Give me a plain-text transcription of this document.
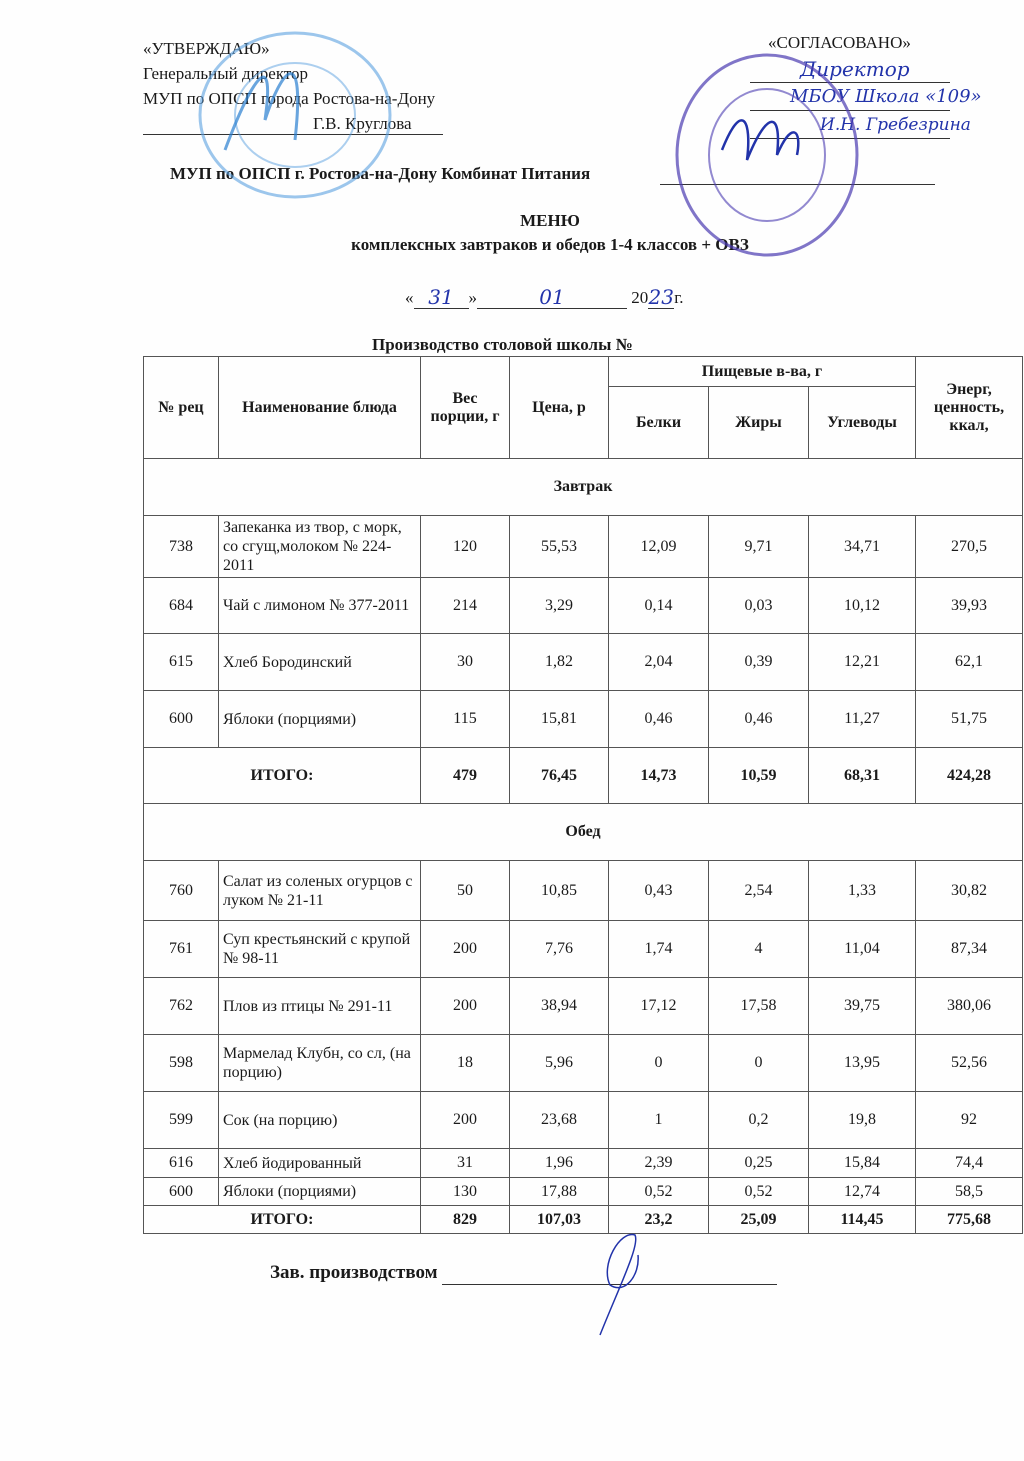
«УТВЕРЖДАЮ»
Генеральный директор
МУП по ОПСП города Ростова-на-Дону
Г.В. Круглова
«СОГЛАСОВАНО»
Директор
МБОУ Школа «109»
И.Н. Гребезрина
МУП по ОПСП г. Ростова-на-Дону Комбинат Питания
МЕНЮ
комплексных завтраков и обедов 1-4 классов + ОВЗ
« 31 »	01	2023г.
Производство столовой школы №
№ рец	Наименование блюда	Вес порции, г	Цена, р	Пищевые в-ва, г			Энерг, ценность, ккал,
				Белки	Жиры	Углеводы	
Завтрак							
738	Запеканка из твор, с морк, со сгущ,молоком № 224-2011	120	55,53	12,09	9,71	34,71	270,5
684	Чай с лимоном № 377-2011	214	3,29	0,14	0,03	10,12	39,93
615	Хлеб Бородинский	30	1,82	2,04	0,39	12,21	62,1
600	Яблоки (порциями)	115	15,81	0,46	0,46	11,27	51,75
ИТОГО:		479	76,45	14,73	10,59	68,31	424,28
Обед							
760	Салат из соленых огурцов с луком № 21-11	50	10,85	0,43	2,54	1,33	30,82
761	Суп крестьянский с крупой № 98-11	200	7,76	1,74	4	11,04	87,34
762	Плов из птицы № 291-11	200	38,94	17,12	17,58	39,75	380,06
598	Мармелад Клубн, со сл, (на порцию)	18	5,96	0	0	13,95	52,56
599	Сок (на порцию)	200	23,68	1	0,2	19,8	92
616	Хлеб йодированный	31	1,96	2,39	0,25	15,84	74,4
600	Яблоки (порциями)	130	17,88	0,52	0,52	12,74	58,5
ИТОГО:		829	107,03	23,2	25,09	114,45	775,68
Зав. производством
